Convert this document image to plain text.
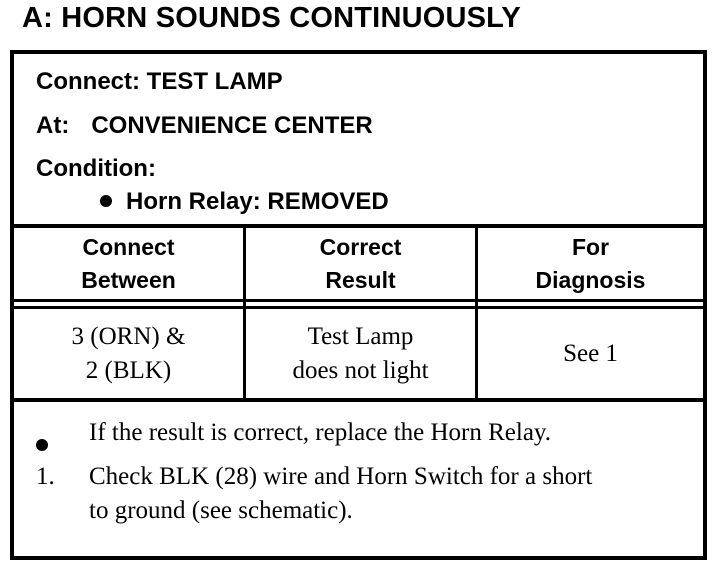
A: HORN SOUNDS CONTINUOUSLY
Connect: TEST LAMP
At: CONVENIENCE CENTER
Condition:
Horn Relay: REMOVED
Connect
Between
Correct
Result
For
Diagnosis
3 (ORN) &
2 (BLK)
Test Lamp
does not light
See 1
If the result is correct, replace the Horn Relay.
1. Check BLK (28) wire and Horn Switch for a short
to ground (see schematic).
